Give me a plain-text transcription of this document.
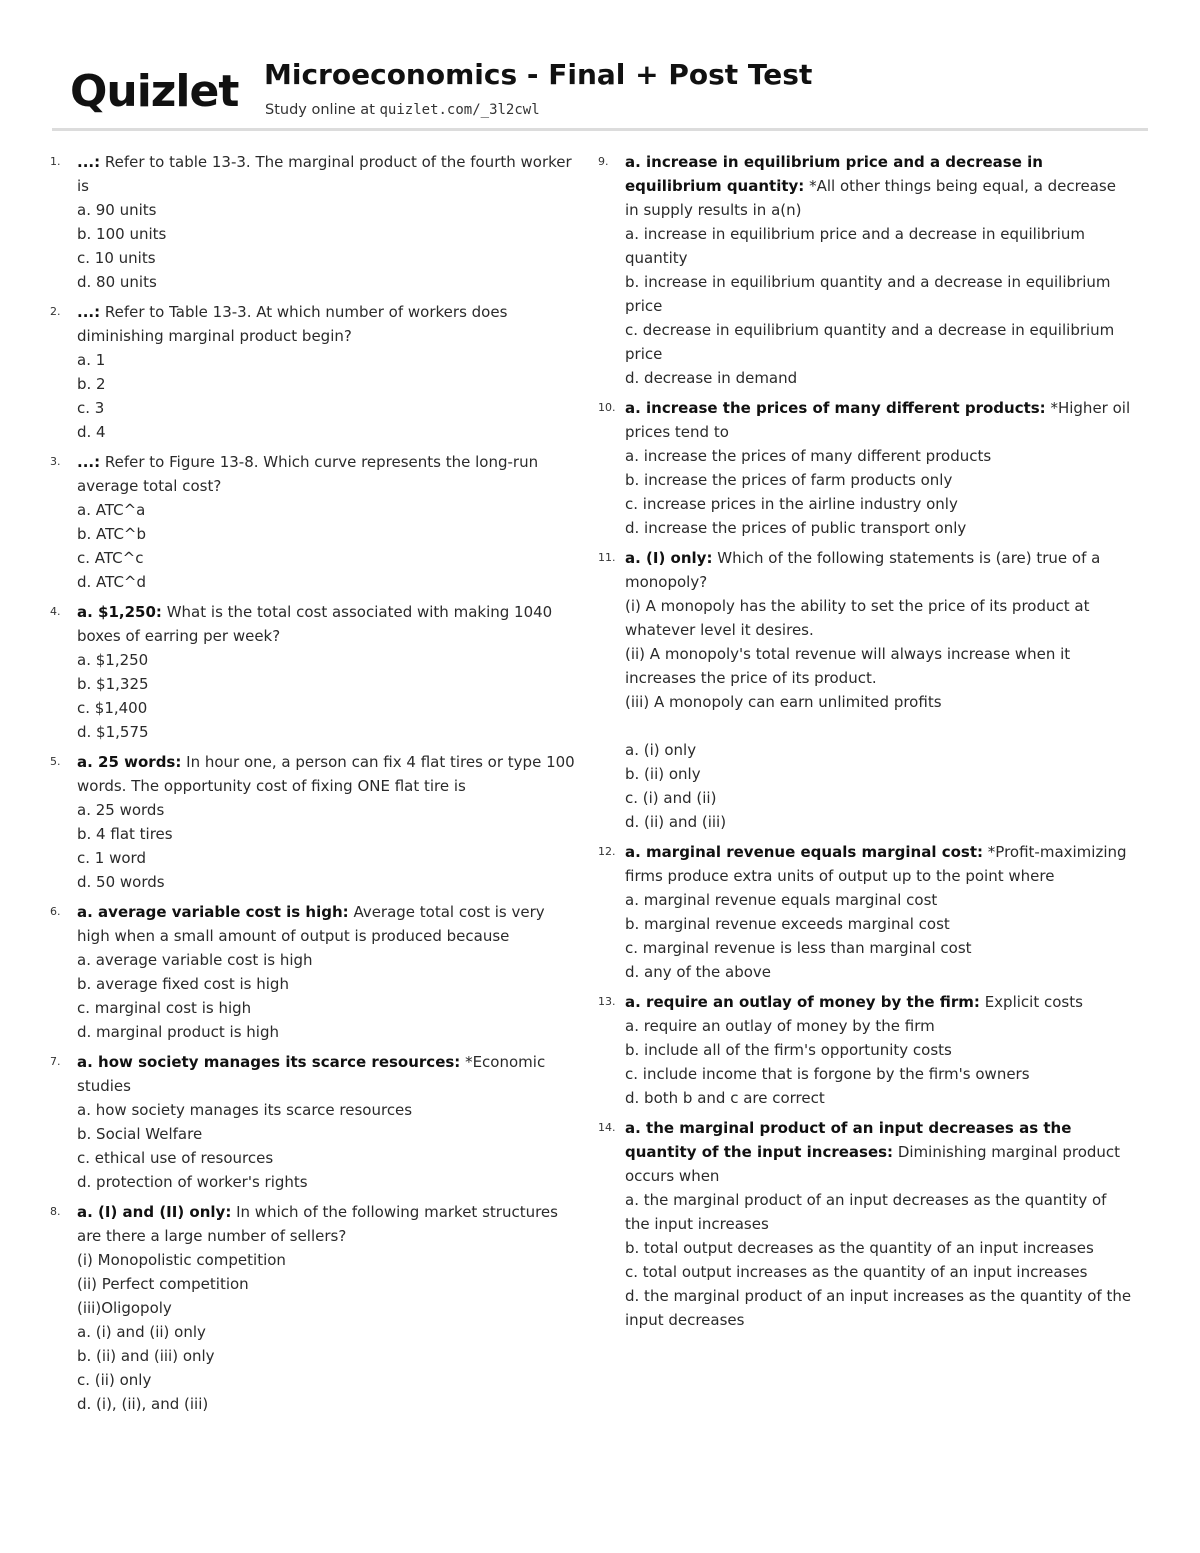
Quizlet Microeconomics - Final + Post Test
Study online at quizlet.com/_3l2cwl
1. ...: Refer to table 13-3. The marginal product of the fourth worker is
a. 90 units
b. 100 units
c. 10 units
d. 80 units
2. ...: Refer to Table 13-3. At which number of workers does diminishing marginal product begin?
a. 1
b. 2
c. 3
d. 4
3. ...: Refer to Figure 13-8. Which curve represents the long-run average total cost?
a. ATC^a
b. ATC^b
c. ATC^c
d. ATC^d
4. a. $1,250: What is the total cost associated with making 1040 boxes of earring per week?
a. $1,250
b. $1,325
c. $1,400
d. $1,575
5. a. 25 words: In hour one, a person can fix 4 flat tires or type 100 words. The opportunity cost of fixing ONE flat tire is
a. 25 words
b. 4 flat tires
c. 1 word
d. 50 words
6. a. average variable cost is high: Average total cost is very high when a small amount of output is produced because
a. average variable cost is high
b. average fixed cost is high
c. marginal cost is high
d. marginal product is high
7. a. how society manages its scarce resources: *Economic studies
a. how society manages its scarce resources
b. Social Welfare
c. ethical use of resources
d. protection of worker's rights
8. a. (I) and (II) only: In which of the following market structures are there a large number of sellers?
(i) Monopolistic competition
(ii) Perfect competition
(iii)Oligopoly
a. (i) and (ii) only
b. (ii) and (iii) only
c. (ii) only
d. (i), (ii), and (iii)
9. a. increase in equilibrium price and a decrease in equilibrium quantity: *All other things being equal, a decrease in supply results in a(n)
a. increase in equilibrium price and a decrease in equilibrium quantity
b. increase in equilibrium quantity and a decrease in equilibrium price
c. decrease in equilibrium quantity and a decrease in equilibrium price
d. decrease in demand
10. a. increase the prices of many different products: *Higher oil prices tend to
a. increase the prices of many different products
b. increase the prices of farm products only
c. increase prices in the airline industry only
d. increase the prices of public transport only
11. a. (I) only: Which of the following statements is (are) true of a monopoly?
(i) A monopoly has the ability to set the price of its product at whatever level it desires.
(ii) A monopoly's total revenue will always increase when it increases the price of its product.
(iii) A monopoly can earn unlimited profits
a. (i) only
b. (ii) only
c. (i) and (ii)
d. (ii) and (iii)
12. a. marginal revenue equals marginal cost: *Profit-maximizing firms produce extra units of output up to the point where
a. marginal revenue equals marginal cost
b. marginal revenue exceeds marginal cost
c. marginal revenue is less than marginal cost
d. any of the above
13. a. require an outlay of money by the firm: Explicit costs
a. require an outlay of money by the firm
b. include all of the firm's opportunity costs
c. include income that is forgone by the firm's owners
d. both b and c are correct
14. a. the marginal product of an input decreases as the quantity of the input increases: Diminishing marginal product occurs when
a. the marginal product of an input decreases as the quantity of the input increases
b. total output decreases as the quantity of an input increases
c. total output increases as the quantity of an input increases
d. the marginal product of an input increases as the quantity of the input decreases
